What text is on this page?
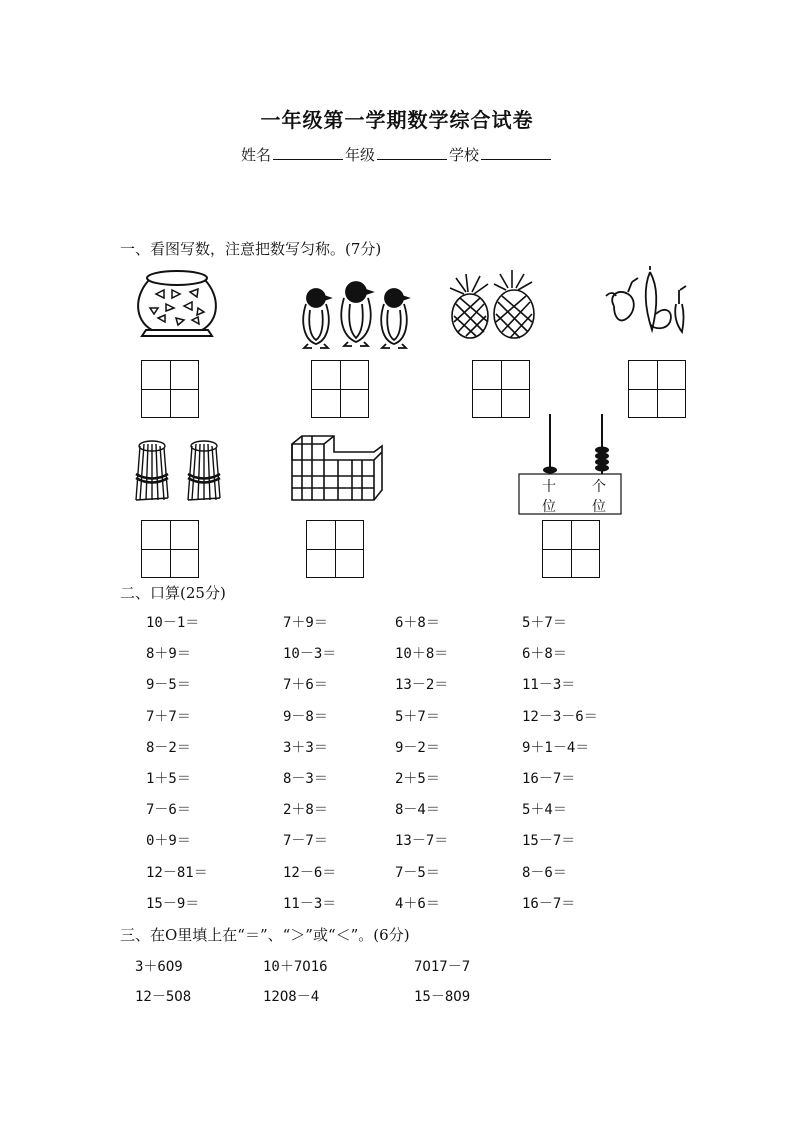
一年级第一学期数学综合试卷
姓名	年级	学校
一、看图写数，注意把数写匀称。(7分)
十
位
个
位
二、口算(25分)
10－1＝	7＋9＝	6＋8＝	5＋7＝
8＋9＝	10－3＝	10＋8＝	6＋8＝
9－5＝	7＋6＝	13－2＝	11－3＝
7＋7＝	9－8＝	5＋7＝	12－3－6＝
8－2＝	3＋3＝	9－2＝	9＋1－4＝
1＋5＝	8－3＝	2＋5＝	16－7＝
7－6＝	2＋8＝	8－4＝	5＋4＝
0＋9＝	7－7＝	13－7＝	15－7＝
12－81＝	12－6＝	7－5＝	8－6＝
15－9＝	11－3＝	4＋6＝	16－7＝
三、在O里填上在“＝”、“＞”或“＜”。(6分)
3＋6O9	10＋7O16	7O17－7
12－5O8	12O8－4	15－8O9
